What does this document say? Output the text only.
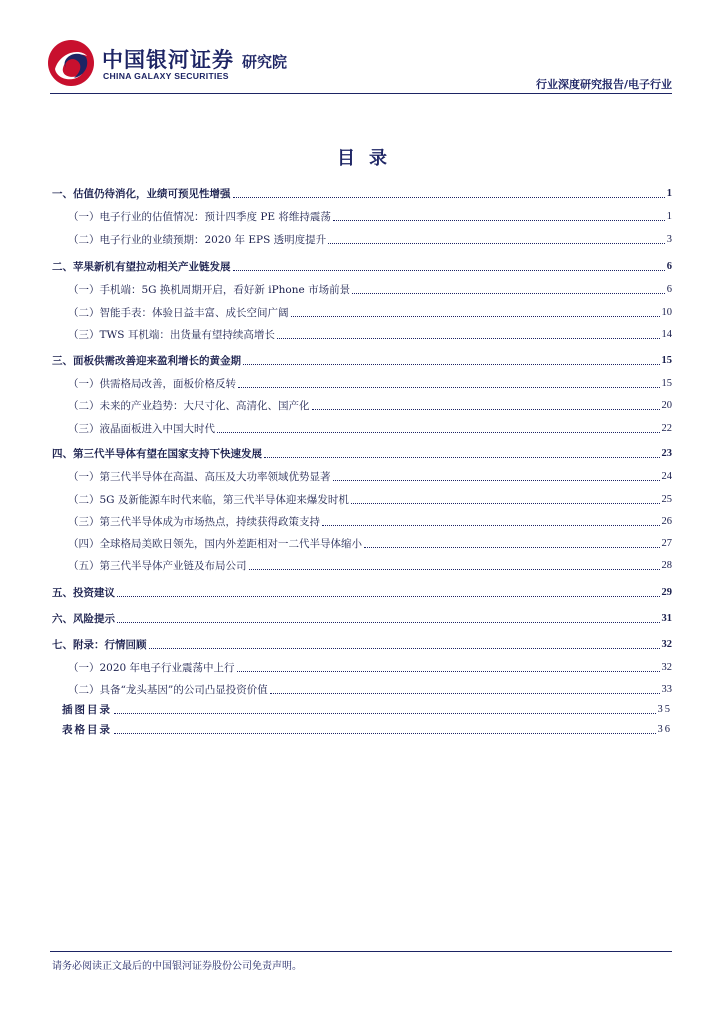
中国银河证券
CHINA GALAXY SECURITIES
研究院
行业深度研究报告/电子行业
目录
一、估值仍待消化，业绩可预见性增强	1
（一）电子行业的估值情况：预计四季度 PE 将维持震荡	1
（二）电子行业的业绩预期：2020 年 EPS 透明度提升	3
二、苹果新机有望拉动相关产业链发展	6
（一）手机端：5G 换机周期开启，看好新 iPhone 市场前景	6
（二）智能手表：体验日益丰富、成长空间广阔	10
（三）TWS 耳机端：出货量有望持续高增长	14
三、面板供需改善迎来盈利增长的黄金期	15
（一）供需格局改善，面板价格反转	15
（二）未来的产业趋势：大尺寸化、高清化、国产化	20
（三）液晶面板进入中国大时代	22
四、第三代半导体有望在国家支持下快速发展	23
（一）第三代半导体在高温、高压及大功率领域优势显著	24
（二）5G 及新能源车时代来临，第三代半导体迎来爆发时机	25
（三）第三代半导体成为市场热点，持续获得政策支持	26
（四）全球格局美欧日领先，国内外差距相对一二代半导体缩小	27
（五）第三代半导体产业链及布局公司	28
五、投资建议	29
六、风险提示	31
七、附录：行情回顾	32
（一）2020 年电子行业震荡中上行	32
（二）具备“龙头基因”的公司凸显投资价值	33
插图目录	35
表格目录	36
请务必阅读正文最后的中国银河证券股份公司免责声明。
